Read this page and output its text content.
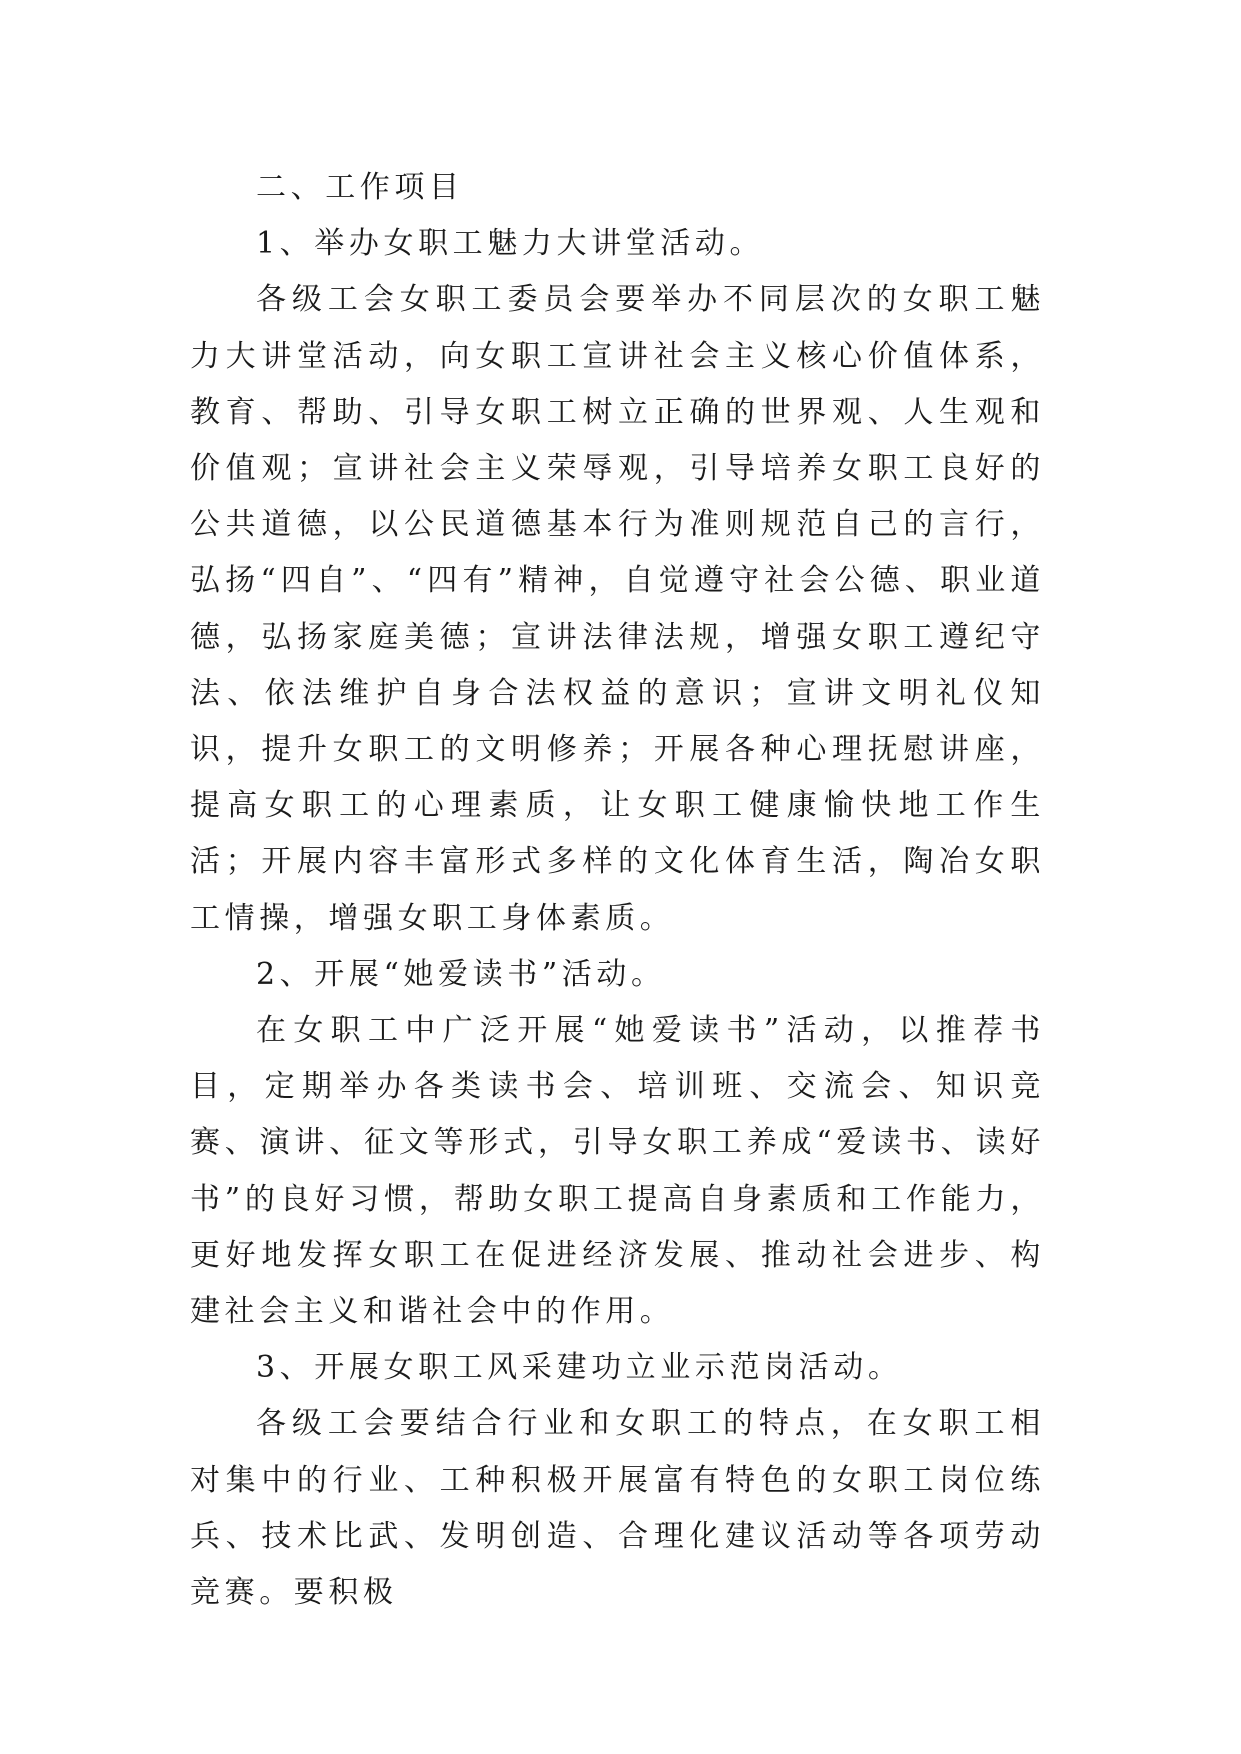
二、工作项目

1、举办女职工魅力大讲堂活动。

各级工会女职工委员会要举办不同层次的女职工魅力大讲堂活动，向女职工宣讲社会主义核心价值体系，教育、帮助、引导女职工树立正确的世界观、人生观和价值观；宣讲社会主义荣辱观，引导培养女职工良好的公共道德，以公民道德基本行为准则规范自己的言行，弘扬“四自”、“四有”精神，自觉遵守社会公德、职业道德，弘扬家庭美德；宣讲法律法规，增强女职工遵纪守法、依法维护自身合法权益的意识；宣讲文明礼仪知识，提升女职工的文明修养；开展各种心理抚慰讲座，提高女职工的心理素质，让女职工健康愉快地工作生活；开展内容丰富形式多样的文化体育生活，陶冶女职工情操，增强女职工身体素质。

2、开展“她爱读书”活动。

在女职工中广泛开展“她爱读书”活动，以推荐书目，定期举办各类读书会、培训班、交流会、知识竞赛、演讲、征文等形式，引导女职工养成“爱读书、读好书”的良好习惯，帮助女职工提高自身素质和工作能力，更好地发挥女职工在促进经济发展、推动社会进步、构建社会主义和谐社会中的作用。

3、开展女职工风采建功立业示范岗活动。

各级工会要结合行业和女职工的特点，在女职工相对集中的行业、工种积极开展富有特色的女职工岗位练兵、技术比武、发明创造、合理化建议活动等各项劳动竞赛。要积极
